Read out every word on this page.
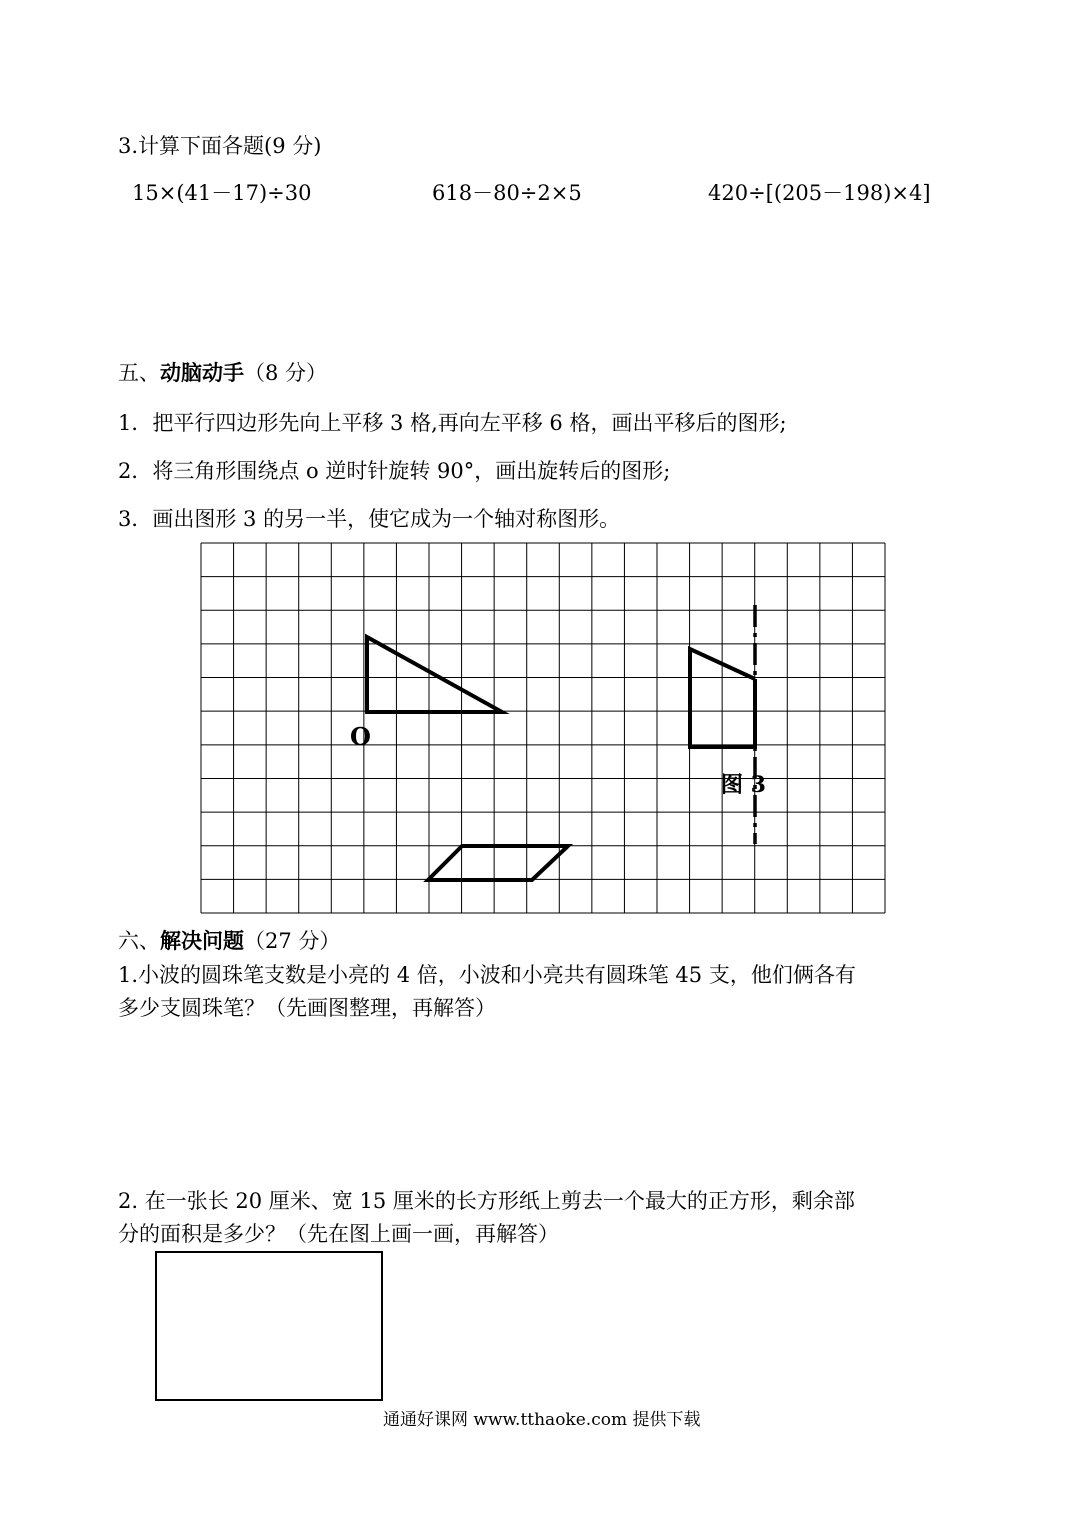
3.计算下面各题(9 分)
15×(41－17)÷30	618－80÷2×5	420÷[(205－198)×4]
五、动脑动手（8 分）
1．把平行四边形先向上平移 3 格,再向左平移 6 格，画出平移后的图形;
2．将三角形围绕点 o 逆时针旋转 90°，画出旋转后的图形;
3．画出图形 3 的另一半，使它成为一个轴对称图形。
O
图 3
六、解决问题（27 分）
1.小波的圆珠笔支数是小亮的 4 倍，小波和小亮共有圆珠笔 45 支，他们俩各有
多少支圆珠笔？（先画图整理，再解答）
2. 在一张长 20 厘米、宽 15 厘米的长方形纸上剪去一个最大的正方形，剩余部
分的面积是多少？（先在图上画一画，再解答）
通通好课网 www.tthaoke.com 提供下载
